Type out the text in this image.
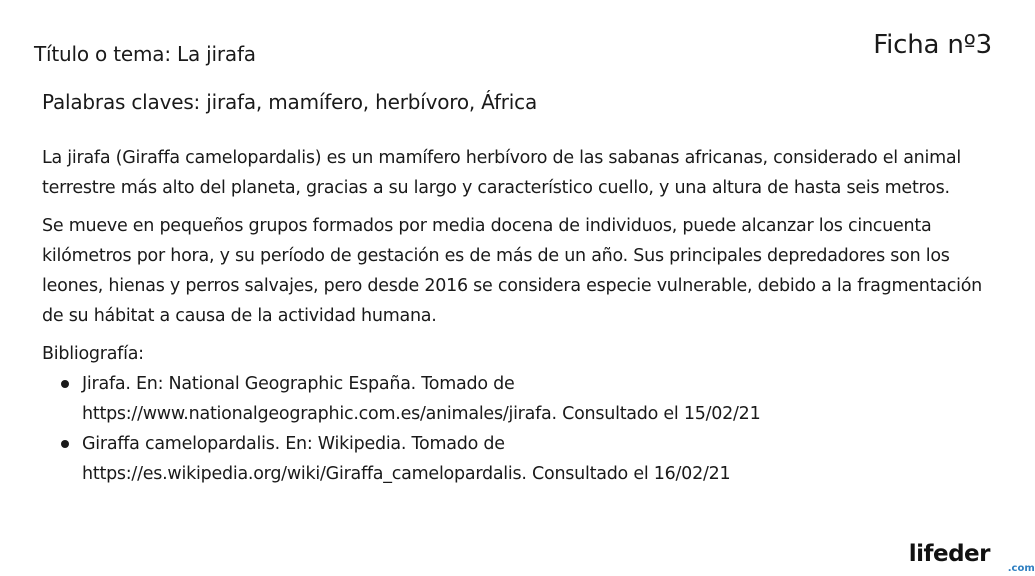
Título o tema: La jirafa	Ficha nº3
Palabras claves: jirafa, mamífero, herbívoro, África

La jirafa (Giraffa camelopardalis) es un mamífero herbívoro de las sabanas africanas, considerado el animal terrestre más alto del planeta, gracias a su largo y característico cuello, y una altura de hasta seis metros.

Se mueve en pequeños grupos formados por media docena de individuos, puede alcanzar los cincuenta kilómetros por hora, y su período de gestación es de más de un año. Sus principales depredadores son los leones, hienas y perros salvajes, pero desde 2016 se considera especie vulnerable, debido a la fragmentación de su hábitat a causa de la actividad humana.

Bibliografía:
Jirafa. En: National Geographic España. Tomado de
https://www.nationalgeographic.com.es/animales/jirafa. Consultado el 15/02/21
Giraffa camelopardalis. En: Wikipedia. Tomado de
https://es.wikipedia.org/wiki/Giraffa_camelopardalis. Consultado el 16/02/21
lifeder
.com
